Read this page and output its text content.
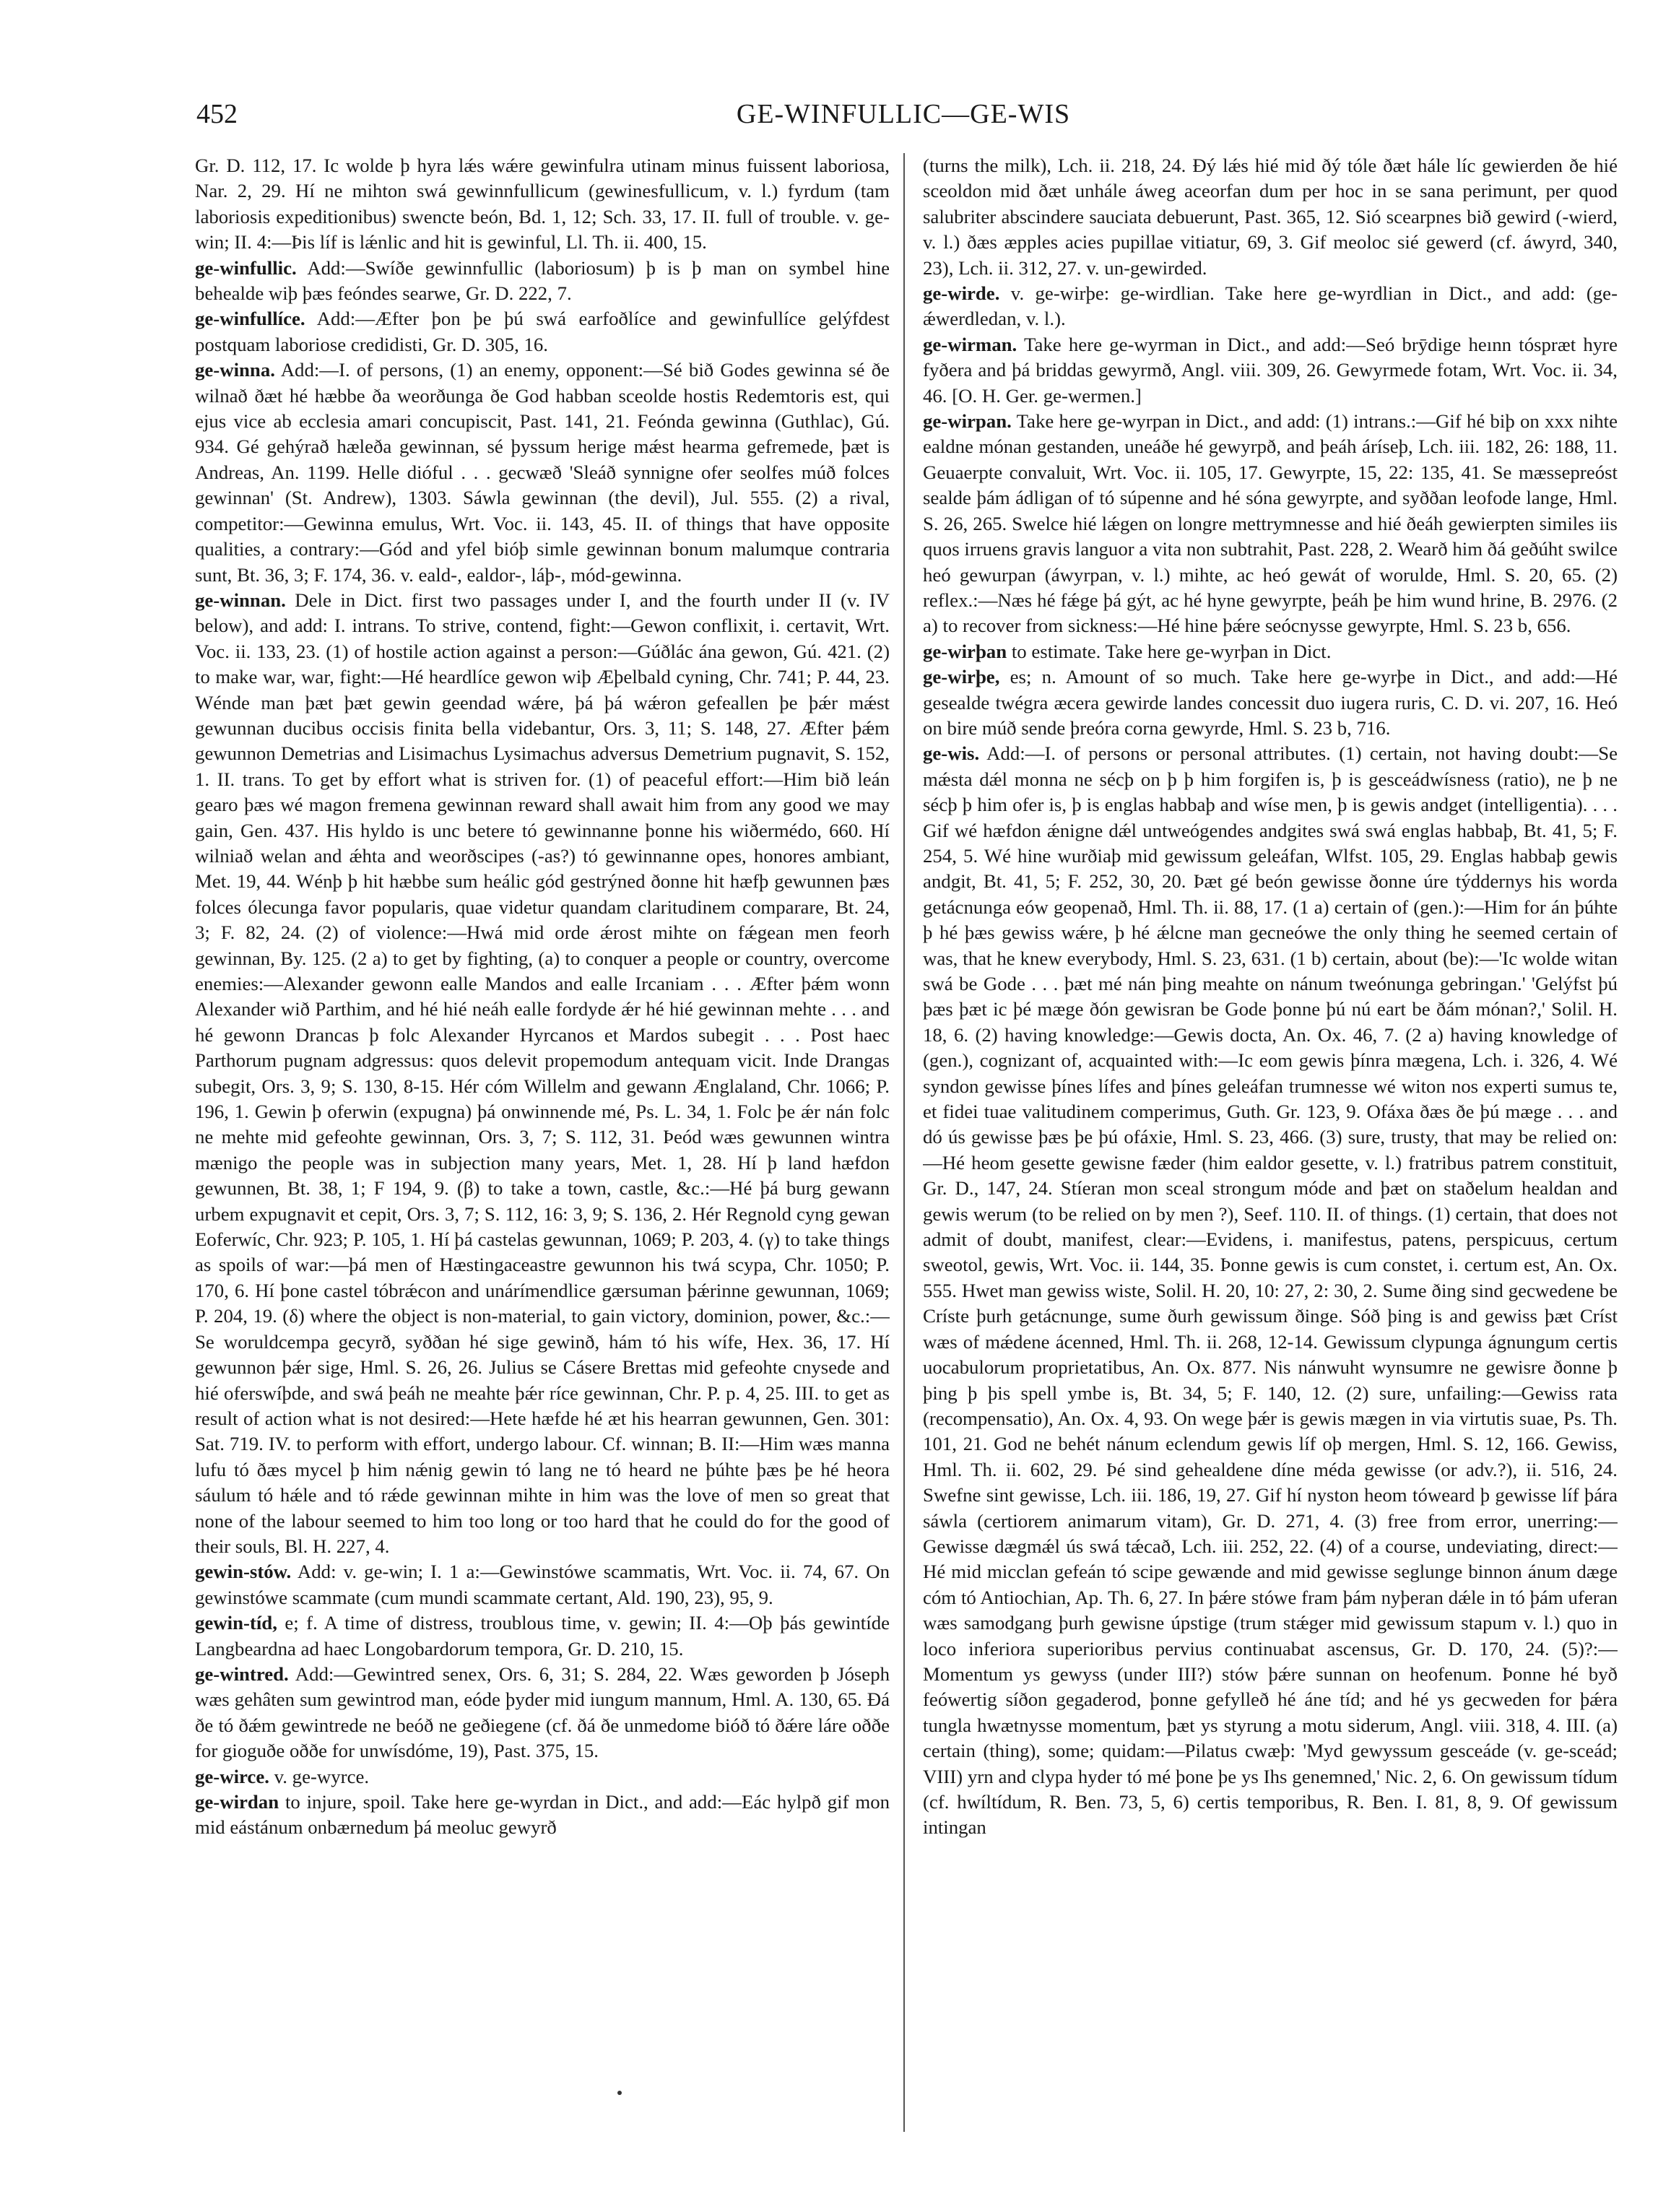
452	GE-WINFULLIC—GE-WIS

Gr. D. 112, 17. Ic wolde þ hyra lǽs wǽre gewinfulra utinam minus fuissent laboriosa, Nar. 2, 29. Hí ne mihton swá gewinnfullicum (gewinesfullicum, v. l.) fyrdum (tam laboriosis expeditionibus) swencte beón, Bd. 1, 12; Sch. 33, 17. II. full of trouble. v. ge-win; II. 4:—Þis líf is lǽnlic and hit is gewinful, Ll. Th. ii. 400, 15.

ge-winfullic. Add:—Swíðe gewinnfullic (laboriosum) þ is þ man on symbel hine behealde wiþ þæs feóndes searwe, Gr. D. 222, 7.

ge-winfullíce. Add:—Æfter þon þe þú swá earfoðlíce and gewinfullíce gelýfdest postquam laboriose credidisti, Gr. D. 305, 16.

ge-winna. Add:—I. of persons, (1) an enemy, opponent:—Sé bið Godes gewinna sé ðe wilnað ðæt hé hæbbe ða weorðunga ðe God habban sceolde hostis Redemtoris est, qui ejus vice ab ecclesia amari concupiscit, Past. 141, 21. Feónda gewinna (Guthlac), Gú. 934. Gé gehýrað hæleða gewinnan, sé þyssum herige mǽst hearma gefremede, þæt is Andreas, An. 1199. Helle dióful . . . gecwæð 'Sleáð synnigne ofer seolfes múð folces gewinnan' (St. Andrew), 1303. Sáwla gewinnan (the devil), Jul. 555. (2) a rival, competitor:—Gewinna emulus, Wrt. Voc. ii. 143, 45. II. of things that have opposite qualities, a contrary:—Gód and yfel bióþ simle gewinnan bonum malumque contraria sunt, Bt. 36, 3; F. 174, 36. v. eald-, ealdor-, láþ-, mód-gewinna.

ge-winnan. Dele in Dict. first two passages under I, and the fourth under II (v. IV below), and add: I. intrans. To strive, contend, fight:—Gewon conflixit, i. certavit, Wrt. Voc. ii. 133, 23. (1) of hostile action against a person:—Gúðlác ána gewon, Gú. 421. (2) to make war, war, fight:—Hé heardlíce gewon wiþ Æþelbald cyning, Chr. 741; P. 44, 23. Wénde man þæt þæt gewin geendad wǽre, þá þá wǽron gefeallen þe þǽr mǽst gewunnan ducibus occisis finita bella videbantur, Ors. 3, 11; S. 148, 27. Æfter þǽm gewunnon Demetrias and Lisimachus Lysimachus adversus Demetrium pugnavit, S. 152, 1. II. trans. To get by effort what is striven for. (1) of peaceful effort:—Him bið leán gearo þæs wé magon fremena gewinnan reward shall await him from any good we may gain, Gen. 437. His hyldo is unc betere tó gewinnanne þonne his wiðermédo, 660. Hí wilniað welan and ǽhta and weorðscipes (-as?) tó gewinnanne opes, honores ambiant, Met. 19, 44. Wénþ þ hit hæbbe sum heálic gód gestrýned ðonne hit hæfþ gewunnen þæs folces ólecunga favor popularis, quae videtur quandam claritudinem comparare, Bt. 24, 3; F. 82, 24. (2) of violence:—Hwá mid orde ǽrost mihte on fǽgean men feorh gewinnan, By. 125. (2 a) to get by fighting, (a) to conquer a people or country, overcome enemies:—Alexander gewonn ealle Mandos and ealle Ircaniam . . . Æfter þǽm wonn Alexander wið Parthim, and hé hié neáh ealle fordyde ǽr hé hié gewinnan mehte . . . and hé gewonn Drancas þ folc Alexander Hyrcanos et Mardos subegit . . . Post haec Parthorum pugnam adgressus: quos delevit propemodum antequam vicit. Inde Drangas subegit, Ors. 3, 9; S. 130, 8-15. Hér cóm Willelm and gewann Ænglaland, Chr. 1066; P. 196, 1. Gewin þ oferwin (expugna) þá onwinnende mé, Ps. L. 34, 1. Folc þe ǽr nán folc ne mehte mid gefeohte gewinnan, Ors. 3, 7; S. 112, 31. Þeód wæs gewunnen wintra mænigo the people was in subjection many years, Met. 1, 28. Hí þ land hæfdon gewunnen, Bt. 38, 1; F 194, 9. (β) to take a town, castle, &c.:—Hé þá burg gewann urbem expugnavit et cepit, Ors. 3, 7; S. 112, 16: 3, 9; S. 136, 2. Hér Regnold cyng gewan Eoferwíc, Chr. 923; P. 105, 1. Hí þá castelas gewunnan, 1069; P. 203, 4. (γ) to take things as spoils of war:—þá men of Hæstingaceastre gewunnon his twá scypa, Chr. 1050; P. 170, 6. Hí þone castel tóbrǽcon and unárímendlice gærsuman þǽrinne gewunnan, 1069; P. 204, 19. (δ) where the object is non-material, to gain victory, dominion, power, &c.:—Se woruldcempa gecyrð, syððan hé sige gewinð, hám tó his wífe, Hex. 36, 17. Hí gewunnon þǽr sige, Hml. S. 26, 26. Julius se Cásere Brettas mid gefeohte cnysede and hié oferswíþde, and swá þeáh ne meahte þǽr ríce gewinnan, Chr. P. p. 4, 25. III. to get as result of action what is not desired:—Hete hæfde hé æt his hearran gewunnen, Gen. 301: Sat. 719. IV. to perform with effort, undergo labour. Cf. winnan; B. II:—Him wæs manna lufu tó ðæs mycel þ him nǽnig gewin tó lang ne tó heard ne þúhte þæs þe hé heora sáulum tó hǽle and tó rǽde gewinnan mihte in him was the love of men so great that none of the labour seemed to him too long or too hard that he could do for the good of their souls, Bl. H. 227, 4.

gewin-stów. Add: v. ge-win; I. 1 a:—Gewinstówe scammatis, Wrt. Voc. ii. 74, 67. On gewinstówe scammate (cum mundi scammate certant, Ald. 190, 23), 95, 9.

gewin-tíd, e; f. A time of distress, troublous time, v. gewin; II. 4:—Oþ þás gewintíde Langbeardna ad haec Longobardorum tempora, Gr. D. 210, 15.

ge-wintred. Add:—Gewintred senex, Ors. 6, 31; S. 284, 22. Wæs geworden þ Jóseph wæs gehâten sum gewintrod man, eóde þyder mid iungum mannum, Hml. A. 130, 65. Ðá ðe tó ðǽm gewintrede ne beóð ne geðiegene (cf. ðá ðe unmedome bióð tó ðǽre láre oððe for gioguðe oððe for unwísdóme, 19), Past. 375, 15.

ge-wirce. v. ge-wyrce.

ge-wirdan to injure, spoil. Take here ge-wyrdan in Dict., and add:—Eác hylpð gif mon mid eástánum onbærnedum þá meoluc gewyrð

(turns the milk), Lch. ii. 218, 24. Ðý lǽs hié mid ðý tóle ðæt hále líc gewierden ðe hié sceoldon mid ðæt unhále áweg aceorfan dum per hoc in se sana perimunt, per quod salubriter abscindere sauciata debuerunt, Past. 365, 12. Sió scearpnes bið gewird (-wierd, v. l.) ðæs æpples acies pupillae vitiatur, 69, 3. Gif meoloc sié gewerd (cf. áwyrd, 340, 23), Lch. ii. 312, 27. v. un-gewirded.

ge-wirde. v. ge-wirþe: ge-wirdlian. Take here ge-wyrdlian in Dict., and add: (ge-ǽwerdledan, v. l.).

ge-wirman. Take here ge-wyrman in Dict., and add:—Seó brȳdige heınn tóspræt hyre fyðera and þá briddas gewyrmð, Angl. viii. 309, 26. Gewyrmede fotam, Wrt. Voc. ii. 34, 46. [O. H. Ger. ge-wermen.]

ge-wirpan. Take here ge-wyrpan in Dict., and add: (1) intrans.:—Gif hé biþ on xxx nihte ealdne mónan gestanden, uneáðe hé gewyrpð, and þeáh áríseþ, Lch. iii. 182, 26: 188, 11. Geuaerpte convaluit, Wrt. Voc. ii. 105, 17. Gewyrpte, 15, 22: 135, 41. Se mæssepreóst sealde þám ádligan of tó súpenne and hé sóna gewyrpte, and syððan leofode lange, Hml. S. 26, 265. Swelce hié lǽgen on longre mettrymnesse and hié ðeáh gewierpten similes iis quos irruens gravis languor a vita non subtrahit, Past. 228, 2. Wearð him ðá geðúht swilce heó gewurpan (áwyrpan, v. l.) mihte, ac heó gewát of worulde, Hml. S. 20, 65. (2) reflex.:—Næs hé fǽge þá gýt, ac hé hyne gewyrpte, þeáh þe him wund hrine, B. 2976. (2 a) to recover from sickness:—Hé hine þǽre seócnysse gewyrpte, Hml. S. 23 b, 656.

ge-wirþan to estimate. Take here ge-wyrþan in Dict.

ge-wirþe, es; n. Amount of so much. Take here ge-wyrþe in Dict., and add:—Hé gesealde twégra æcera gewirde landes concessit duo iugera ruris, C. D. vi. 207, 16. Heó on bire múð sende þreóra corna gewyrde, Hml. S. 23 b, 716.

ge-wis. Add:—I. of persons or personal attributes. (1) certain, not having doubt:—Se mǽsta dǽl monna ne sécþ on þ þ him forgifen is, þ is gesceádwísness (ratio), ne þ ne sécþ þ him ofer is, þ is englas habbaþ and wíse men, þ is gewis andget (intelligentia). . . . Gif wé hæfdon ǽnigne dǽl untweógendes andgites swá swá englas habbaþ, Bt. 41, 5; F. 254, 5. Wé hine wurðiaþ mid gewissum geleáfan, Wlfst. 105, 29. Englas habbaþ gewis andgit, Bt. 41, 5; F. 252, 30, 20. Þæt gé beón gewisse ðonne úre týddernys his worda getácnunga eów geopenað, Hml. Th. ii. 88, 17. (1 a) certain of (gen.):—Him for án þúhte þ hé þæs gewiss wǽre, þ hé ǽlcne man gecneówe the only thing he seemed certain of was, that he knew everybody, Hml. S. 23, 631. (1 b) certain, about (be):—'Ic wolde witan swá be Gode . . . þæt mé nán þing meahte on nánum tweónunga gebringan.' 'Gelýfst þú þæs þæt ic þé mæge ðón gewisran be Gode þonne þú nú eart be ðám mónan?,' Solil. H. 18, 6. (2) having knowledge:—Gewis docta, An. Ox. 46, 7. (2 a) having knowledge of (gen.), cognizant of, acquainted with:—Ic eom gewis þínra mægena, Lch. i. 326, 4. Wé syndon gewisse þínes lífes and þínes geleáfan trumnesse wé witon nos experti sumus te, et fidei tuae valitudinem comperimus, Guth. Gr. 123, 9. Ofáxa ðæs ðe þú mæge . . . and dó ús gewisse þæs þe þú ofáxie, Hml. S. 23, 466. (3) sure, trusty, that may be relied on:—Hé heom gesette gewisne fæder (him ealdor gesette, v. l.) fratribus patrem constituit, Gr. D., 147, 24. Stíeran mon sceal strongum móde and þæt on staðelum healdan and gewis werum (to be relied on by men ?), Seef. 110. II. of things. (1) certain, that does not admit of doubt, manifest, clear:—Evidens, i. manifestus, patens, perspicuus, certum sweotol, gewis, Wrt. Voc. ii. 144, 35. Þonne gewis is cum constet, i. certum est, An. Ox. 555. Hwet man gewiss wiste, Solil. H. 20, 10: 27, 2: 30, 2. Sume ðing sind gecwedene be Críste þurh getácnunge, sume ðurh gewissum ðinge. Sóð þing is and gewiss þæt Críst wæs of mǽdene ácenned, Hml. Th. ii. 268, 12-14. Gewissum clypunga ágnungum certis uocabulorum proprietatibus, An. Ox. 877. Nis nánwuht wynsumre ne gewisre ðonne þ þing þ þis spell ymbe is, Bt. 34, 5; F. 140, 12. (2) sure, unfailing:—Gewiss rata (recompensatio), An. Ox. 4, 93. On wege þǽr is gewis mægen in via virtutis suae, Ps. Th. 101, 21. God ne behét nánum eclendum gewis líf oþ mergen, Hml. S. 12, 166. Gewiss, Hml. Th. ii. 602, 29. Þé sind gehealdene díne méda gewisse (or adv.?), ii. 516, 24. Swefne sint gewisse, Lch. iii. 186, 19, 27. Gif hí nyston heom tóweard þ gewisse líf þára sáwla (certiorem animarum vitam), Gr. D. 271, 4. (3) free from error, unerring:—Gewisse dægmǽl ús swá tǽcað, Lch. iii. 252, 22. (4) of a course, undeviating, direct:—Hé mid micclan gefeán tó scipe gewænde and mid gewisse seglunge binnon ánum dæge cóm tó Antiochian, Ap. Th. 6, 27. In þǽre stówe fram þám nyþeran dǽle in tó þám uferan wæs samodgang þurh gewisne úpstige (trum stǽger mid gewissum stapum v. l.) quo in loco inferiora superioribus pervius continuabat ascensus, Gr. D. 170, 24. (5)?:—Momentum ys gewyss (under III?) stów þǽre sunnan on heofenum. Þonne hé byð feówertig síðon gegaderod, þonne gefylleð hé áne tíd; and hé ys gecweden for þǽra tungla hwætnysse momentum, þæt ys styrung a motu siderum, Angl. viii. 318, 4. III. (a) certain (thing), some; quidam:—Pilatus cwæþ: 'Myd gewyssum gesceáde (v. ge-sceád; VIII) yrn and clypa hyder tó mé þone þe ys Ihs genemned,' Nic. 2, 6. On gewissum tídum (cf. hwíltídum, R. Ben. 73, 5, 6) certis temporibus, R. Ben. I. 81, 8, 9. Of gewissum intingan
